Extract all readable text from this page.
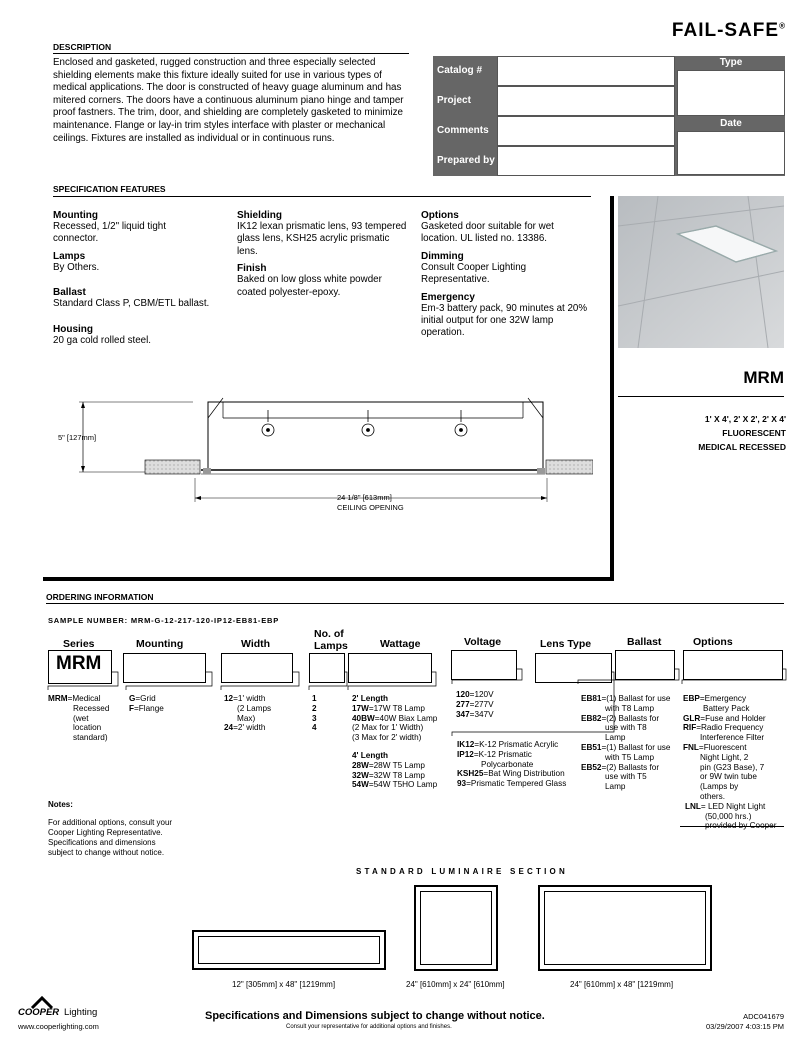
FAIL-SAFE®
DESCRIPTION
Enclosed and gasketed, rugged construction and three especially selected shielding elements make this fixture ideally suited for use in various types of medical applications. The door is constructed of heavy guage aluminum and has mitered corners. The doors have a continuous aluminum piano hinge and tamper proof fastners. The trim, door, and shielding are completely gasketed to minimize maintenance. Flange or lay-in trim styles interface with plaster or mechanical ceilings. Fixtures are installed as individual or in continuous runs.
Catalog #
Project
Comments
Prepared by
Type
Date
SPECIFICATION FEATURES
Mounting
Recessed, 1/2" liquid tight connector.
Lamps
By Others.
Ballast
Standard Class P, CBM/ETL ballast.
Housing
20 ga cold rolled steel.
Shielding
IK12 lexan prismatic lens, 93 tempered glass lens, KSH25 acrylic prismatic lens.
Finish
Baked on low gloss white powder coated polyester-epoxy.
Options
Gasketed door suitable for wet location. UL listed no. 13386.
Dimming
Consult Cooper Lighting Representative.
Emergency
Em-3 battery pack, 90 minutes at 20% initial output for one 32W lamp operation.
MRM
1' X 4', 2' X 2', 2' X 4'
FLUORESCENT
MEDICAL RECESSED
5" [127mm]
24 1/8" [613mm]
CEILING OPENING
ORDERING INFORMATION
SAMPLE NUMBER: MRM-G-12-217-120-IP12-EB81-EBP
Series	Mounting	Width
No. of Lamps	Wattage	Voltage	Lens Type	Ballast	Options
MRM
MRM=Medical
Recessed
(wet
location
standard)
G=Grid
F=Flange
12=1' width
(2 Lamps
Max)
24=2' width
1
2
3
4
2' Length
17W=17W T8 Lamp
40BW=40W Biax Lamp
(2 Max for 1' Width)
(3 Max for 2' width)
4' Length
28W=28W T5 Lamp
32W=32W T8 Lamp
54W=54W T5HO Lamp
120=120V
277=277V
347=347V
IK12=K-12 Prismatic Acrylic
IP12=K-12 Prismatic
Polycarbonate
KSH25=Bat Wing Distribution
93=Prismatic Tempered Glass
EB81=(1) Ballast for use
with T8 Lamp
EB82=(2) Ballasts for
use with T8
Lamp
EB51=(1) Ballast for use
with T5 Lamp
EB52=(2) Ballasts for
use with T5
Lamp
EBP=Emergency
Battery Pack
GLR=Fuse and Holder
RIF=Radio Frequency
Interference Filter
FNL=Fluorescent
Night Light, 2
pin (G23 Base), 7
or 9W twin tube
(Lamps by
others.
LNL= LED Night Light
(50,000 hrs.)
provided by Cooper
Notes:
For additional options, consult your
Cooper Lighting Representative.
Specifications and dimensions
subject to change without notice.
STANDARD LUMINAIRE SECTION
12" [305mm] x 48" [1219mm]	24" [610mm] x 24" [610mm]	24" [610mm] x 48" [1219mm]
COOPER Lighting
www.cooperlighting.com
Specifications and Dimensions subject to change without notice.
Consult your representative for additional options and finishes.
ADC041679
03/29/2007 4:03:15 PM
